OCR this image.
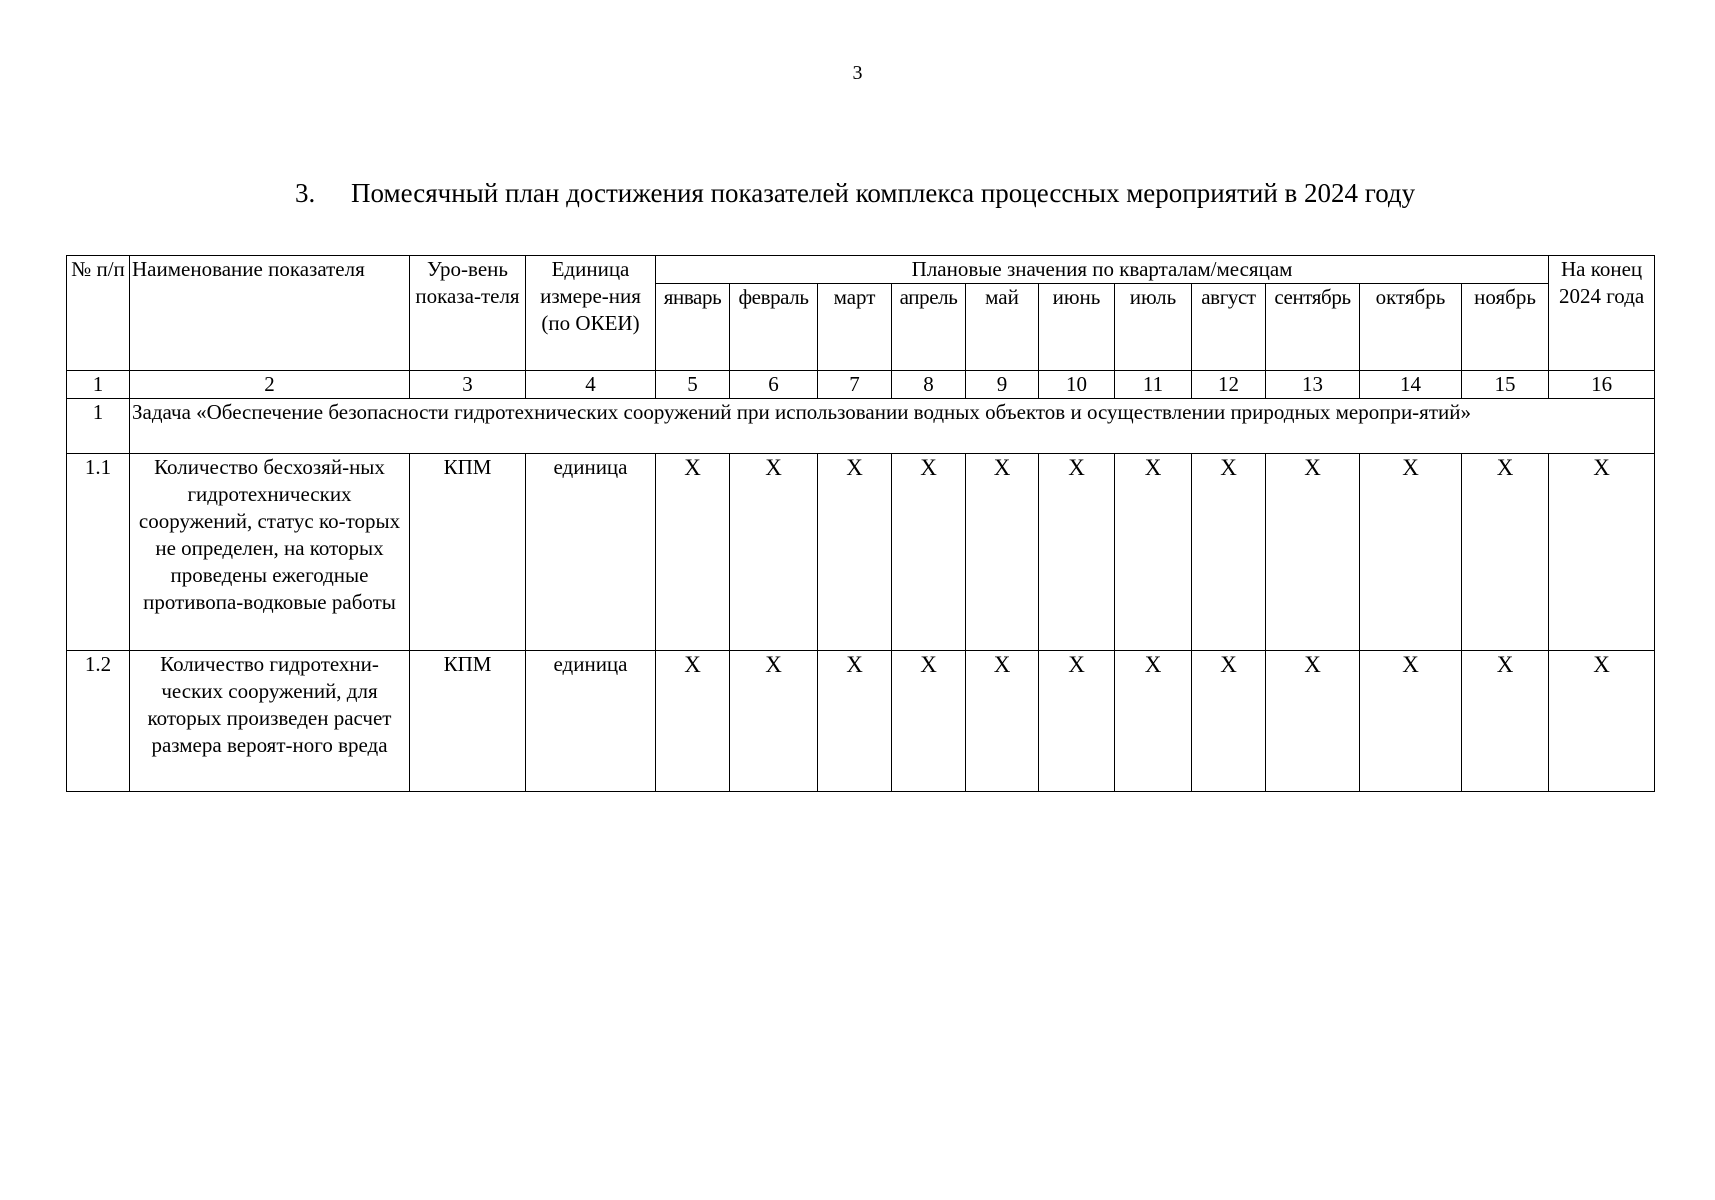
3
3. Помесячный план достижения показателей комплекса процессных мероприятий в 2024 году
№ п/п	Наименование показателя	Уро-вень показа-теля	Единица измере-ния (по ОКЕИ)	Плановые значения по кварталам/месяцам											На конец 2024 года
				январь	февраль	март	апрель	май	июнь	июль	август	сентябрь	октябрь	ноябрь	
1	2	3	4	5	6	7	8	9	10	11	12	13	14	15	16
1	Задача «Обеспечение безопасности гидротехнических сооружений при использовании водных объектов и осуществлении природных меропри-ятий»														
1.1	Количество бесхозяй-ных гидротехнических сооружений, статус ко-торых не определен, на которых проведены ежегодные противопа-водковые работы	КПМ	единица	X	X	X	X	X	X	X	X	X	X	X	X
1.2	Количество гидротехни-ческих сооружений, для которых произведен расчет размера вероят-ного вреда	КПМ	единица	X	X	X	X	X	X	X	X	X	X	X	X
